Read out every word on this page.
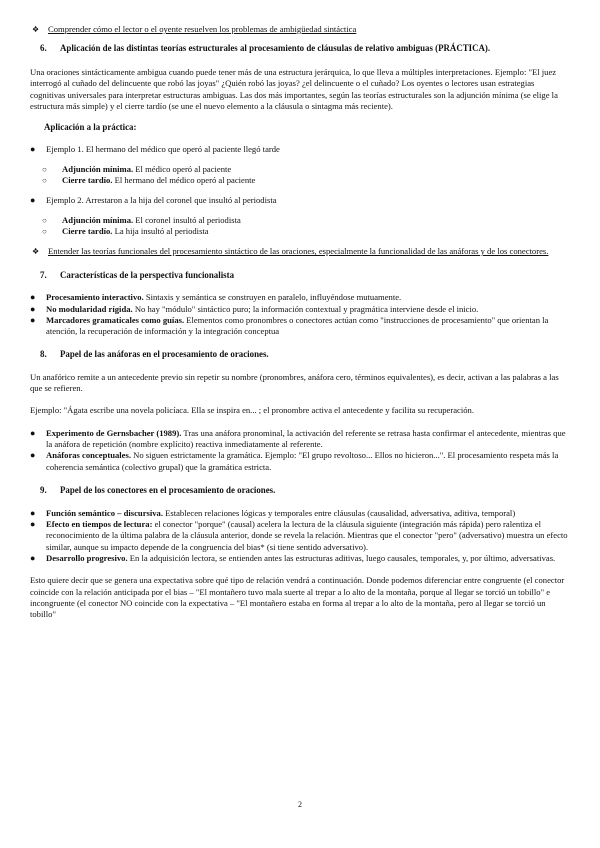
❖	Comprender cómo el lector o el oyente resuelven los problemas de ambigüedad sintáctica
6.	Aplicación de las distintas teorías estructurales al procesamiento de cláusulas de relativo ambiguas (PRÁCTICA).

Una oraciones sintácticamente ambigua cuando puede tener más de una estructura jerárquica, lo que lleva a múltiples interpretaciones. Ejemplo: "El juez interrogó al cuñado del delincuente que robó las joyas" ¿Quién robó las joyas? ¿el delincuente o el cuñado? Los oyentes o lectores usan estrategias cognitivas universales para interpretar estructuras ambiguas. Las dos más importantes, según las teorías estructurales son la adjunción mínima (se elige la estructura más simple) y el cierre tardío (se une el nuevo elemento a la cláusula o sintagma más reciente).

Aplicación a la práctica:
●	Ejemplo 1. El hermano del médico que operó al paciente llegó tarde
○	Adjunción mínima. El médico operó al paciente
○	Cierre tardío. El hermano del médico operó al paciente
●	Ejemplo 2. Arrestaron a la hija del coronel que insultó al periodista
○	Adjunción mínima. El coronel insultó al periodista
○	Cierre tardío. La hija insultó al periodista
❖	Entender las teorías funcionales del procesamiento sintáctico de las oraciones, especialmente la funcionalidad de las anáforas y de los conectores.
7.	Características de la perspectiva funcionalista
●	Procesamiento interactivo. Sintaxis y semántica se construyen en paralelo, influyéndose mutuamente.
●	No modularidad rígida. No hay "módulo" sintáctico puro; la información contextual y pragmática interviene desde el inicio.
●	Marcadores gramaticales como guías. Elementos como pronombres o conectores actúan como "instrucciones de procesamiento" que orientan la atención, la recuperación de información y la integración conceptua
8.	Papel de las anáforas en el procesamiento de oraciones.

Un anafórico remite a un antecedente previo sin repetir su nombre (pronombres, anáfora cero, términos equivalentes), es decir, activan a las palabras a las que se refieren.

Ejemplo: "Ágata escribe una novela policíaca. Ella se inspira en... ; el pronombre activa el antecedente y facilita su recuperación.

●	Experimento de Gernsbacher (1989). Tras una anáfora pronominal, la activación del referente se retrasa hasta confirmar el antecedente, mientras que la anáfora de repetición (nombre explícito) reactiva inmediatamente al referente.
●	Anáforas conceptuales. No siguen estrictamente la gramática. Ejemplo: "El grupo revoltoso... Ellos no hicieron...". El procesamiento respeta más la coherencia semántica (colectivo grupal) que la gramática estricta.
9.	Papel de los conectores en el procesamiento de oraciones.
●	Función semántico – discursiva. Establecen relaciones lógicas y temporales entre cláusulas (causalidad, adversativa, aditiva, temporal)
●	Efecto en tiempos de lectura: el conector "porque" (causal) acelera la lectura de la cláusula siguiente (integración más rápida) pero ralentiza el reconocimiento de la última palabra de la cláusula anterior, donde se revela la relación. Mientras que el conector "pero" (adversativo) muestra un efecto similar, aunque su impacto depende de la congruencia del bias* (si tiene sentido adversativo).
●	Desarrollo progresivo. En la adquisición lectora, se entienden antes las estructuras aditivas, luego causales, temporales, y, por último, adversativas.

Esto quiere decir que se genera una expectativa sobre qué tipo de relación vendrá a continuación. Donde podemos diferenciar entre congruente (el conector coincide con la relación anticipada por el bias – "El montañero tuvo mala suerte al trepar a lo alto de la montaña, porque al llegar se torció un tobillo" e incongruente (el conector NO coincide con la expectativa – "El montañero estaba en forma al trepar a lo alto de la montaña, pero al llegar se torció un tobillo"

2
